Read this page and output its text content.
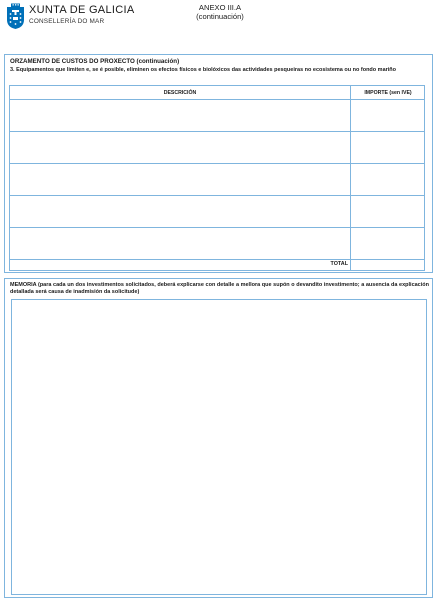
XUNTA DE GALICIA
CONSELLERÍA DO MAR
ANEXO III.A
(continuación)
ORZAMENTO DE CUSTOS DO PROXECTO (continuación)
3. Equipamentos que limiten e, se é posible, eliminen os efectos físicos e biolóxicos das actividades pesqueiras no ecosistema ou no fondo mariño
DESCRICIÓN	IMPORTE (sen IVE)
TOTAL
MEMORIA (para cada un dos investimentos solicitados, deberá explicarse con detalle a mellora que supón o devandito investimento; a ausencia da explicación detallada será causa de inadmisión da solicitude)
